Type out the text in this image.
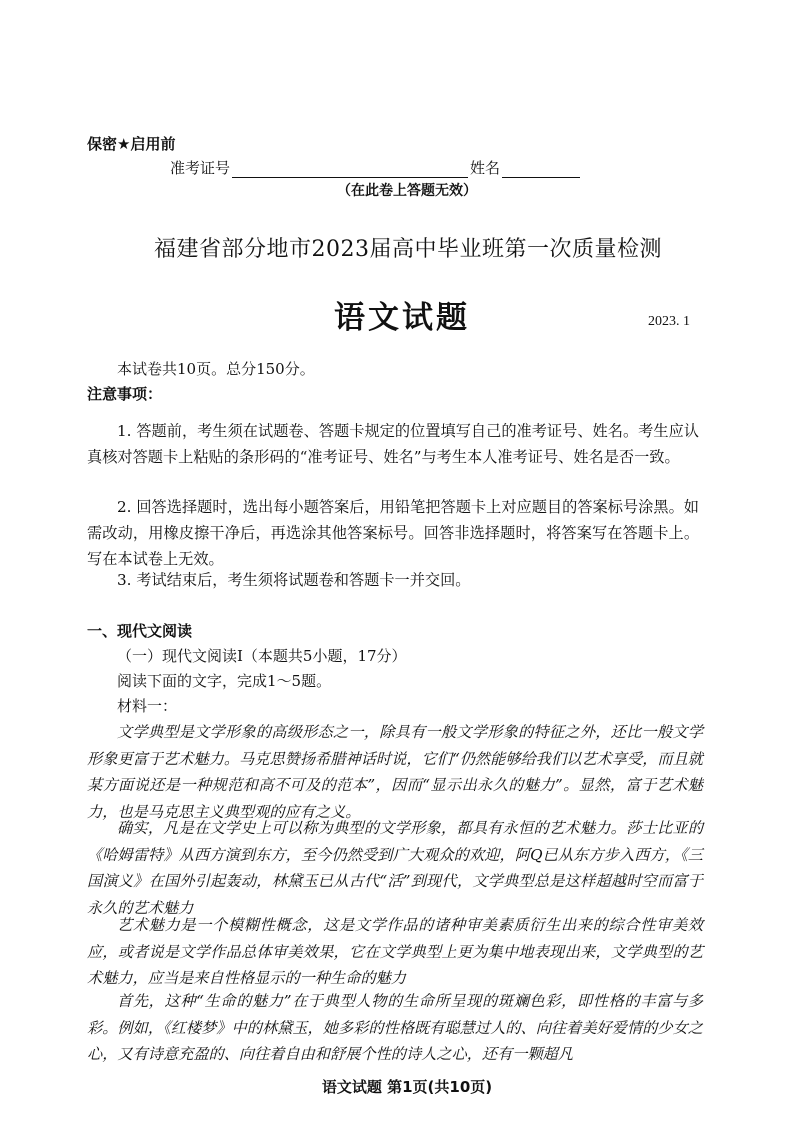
保密★启用前
准考证号	姓名
（在此卷上答题无效）
福建省部分地市2023届高中毕业班第一次质量检测
语文试题	2023. 1
本试卷共10页。总分150分。
注意事项：
1. 答题前，考生须在试题卷、答题卡规定的位置填写自己的准考证号、姓名。考生应认真核对答题卡上粘贴的条形码的“准考证号、姓名”与考生本人准考证号、姓名是否一致。
2. 回答选择题时，选出每小题答案后，用铅笔把答题卡上对应题目的答案标号涂黑。如需改动，用橡皮擦干净后，再选涂其他答案标号。回答非选择题时，将答案写在答题卡上。写在本试卷上无效。
3. 考试结束后，考生须将试题卷和答题卡一并交回。
一、现代文阅读
（一）现代文阅读Ⅰ（本题共5小题，17分）
阅读下面的文字，完成1～5题。
材料一：
文学典型是文学形象的高级形态之一，除具有一般文学形象的特征之外，还比一般文学形象更富于艺术魅力。马克思赞扬希腊神话时说，它们“仍然能够给我们以艺术享受，而且就某方面说还是一种规范和高不可及的范本”，因而“显示出永久的魅力”。显然，富于艺术魅力，也是马克思主义典型观的应有之义。
确实，凡是在文学史上可以称为典型的文学形象，都具有永恒的艺术魅力。莎士比亚的《哈姆雷特》从西方演到东方，至今仍然受到广大观众的欢迎，阿Q已从东方步入西方，《三国演义》在国外引起轰动，林黛玉已从古代“活”到现代，文学典型总是这样超越时空而富于永久的艺术魅力
艺术魅力是一个模糊性概念，这是文学作品的诸种审美素质衍生出来的综合性审美效应，或者说是文学作品总体审美效果，它在文学典型上更为集中地表现出来，文学典型的艺术魅力，应当是来自性格显示的一种生命的魅力
首先，这种“生命的魅力”在于典型人物的生命所呈现的斑斓色彩，即性格的丰富与多彩。例如，《红楼梦》中的林黛玉，她多彩的性格既有聪慧过人的、向往着美好爱情的少女之心，又有诗意充盈的、向往着自由和舒展个性的诗人之心，还有一颗超凡
语文试题 第1页(共10页)
